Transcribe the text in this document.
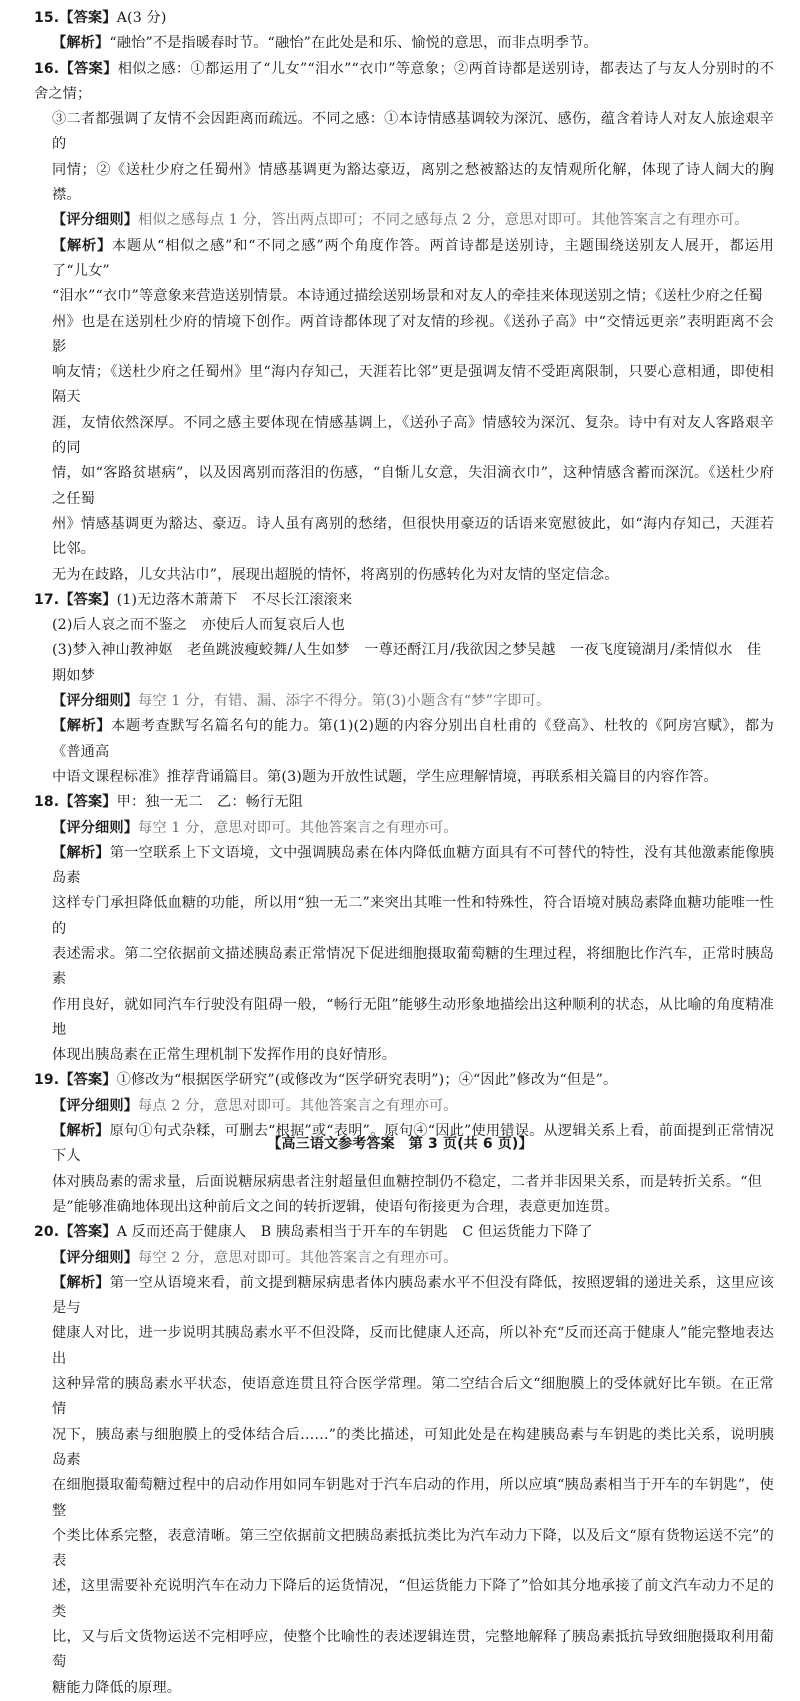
15.【答案】A(3 分)

【解析】“融怡”不是指暖春时节。“融怡”在此处是和乐、愉悦的意思，而非点明季节。

16.【答案】相似之感：①都运用了“儿女”“泪水”“衣巾”等意象；②两首诗都是送别诗，都表达了与友人分别时的不舍之情；

③二者都强调了友情不会因距离而疏远。不同之感：①本诗情感基调较为深沉、感伤，蕴含着诗人对友人旅途艰辛的

同情；②《送杜少府之任蜀州》情感基调更为豁达豪迈，离别之愁被豁达的友情观所化解，体现了诗人阔大的胸襟。

【评分细则】相似之感每点 1 分，答出两点即可；不同之感每点 2 分，意思对即可。其他答案言之有理亦可。

【解析】本题从“相似之感”和“不同之感”两个角度作答。两首诗都是送别诗，主题围绕送别友人展开，都运用了“儿女”

“泪水”“衣巾”等意象来营造送别情景。本诗通过描绘送别场景和对友人的牵挂来体现送别之情；《送杜少府之任蜀

州》也是在送别杜少府的情境下创作。两首诗都体现了对友情的珍视。《送孙子高》中“交情远更亲”表明距离不会影

响友情；《送杜少府之任蜀州》里“海内存知己，天涯若比邻”更是强调友情不受距离限制，只要心意相通，即使相隔天

涯，友情依然深厚。不同之感主要体现在情感基调上，《送孙子高》情感较为深沉、复杂。诗中有对友人客路艰辛的同

情，如“客路贫堪病”，以及因离别而落泪的伤感，“自惭儿女意，失泪滴衣巾”，这种情感含蓄而深沉。《送杜少府之任蜀

州》情感基调更为豁达、豪迈。诗人虽有离别的愁绪，但很快用豪迈的话语来宽慰彼此，如“海内存知己，天涯若比邻。

无为在歧路，儿女共沾巾”，展现出超脱的情怀，将离别的伤感转化为对友情的坚定信念。

17.【答案】(1)无边落木萧萧下　不尽长江滚滚来

(2)后人哀之而不鉴之　亦使后人而复哀后人也

(3)梦入神山教神妪　老鱼跳波瘦蛟舞/人生如梦　一尊还酹江月/我欲因之梦吴越　一夜飞度镜湖月/柔情似水　佳

期如梦

【评分细则】每空 1 分，有错、漏、添字不得分。第(3)小题含有“梦”字即可。

【解析】本题考查默写名篇名句的能力。第(1)(2)题的内容分别出自杜甫的《登高》、杜牧的《阿房宫赋》，都为《普通高

中语文课程标准》推荐背诵篇目。第(3)题为开放性试题，学生应理解情境，再联系相关篇目的内容作答。

18.【答案】甲：独一无二　乙：畅行无阻

【评分细则】每空 1 分，意思对即可。其他答案言之有理亦可。

【解析】第一空联系上下文语境，文中强调胰岛素在体内降低血糖方面具有不可替代的特性，没有其他激素能像胰岛素

这样专门承担降低血糖的功能，所以用“独一无二”来突出其唯一性和特殊性，符合语境对胰岛素降血糖功能唯一性的

表述需求。第二空依据前文描述胰岛素正常情况下促进细胞摄取葡萄糖的生理过程，将细胞比作汽车，正常时胰岛素

作用良好，就如同汽车行驶没有阻碍一般，“畅行无阻”能够生动形象地描绘出这种顺利的状态，从比喻的角度精准地

体现出胰岛素在正常生理机制下发挥作用的良好情形。

19.【答案】①修改为“根据医学研究”(或修改为“医学研究表明”)；④“因此”修改为“但是”。

【评分细则】每点 2 分，意思对即可。其他答案言之有理亦可。

【解析】原句①句式杂糅，可删去“根据”或“表明”。原句④“因此”使用错误。从逻辑关系上看，前面提到正常情况下人

体对胰岛素的需求量，后面说糖尿病患者注射超量但血糖控制仍不稳定，二者并非因果关系，而是转折关系。“但

是”能够准确地体现出这种前后文之间的转折逻辑，使语句衔接更为合理，表意更加连贯。

20.【答案】A 反而还高于健康人　B 胰岛素相当于开车的车钥匙　C 但运货能力下降了

【评分细则】每空 2 分，意思对即可。其他答案言之有理亦可。

【解析】第一空从语境来看，前文提到糖尿病患者体内胰岛素水平不但没有降低，按照逻辑的递进关系，这里应该是与

健康人对比，进一步说明其胰岛素水平不但没降，反而比健康人还高，所以补充“反而还高于健康人”能完整地表达出

这种异常的胰岛素水平状态，使语意连贯且符合医学常理。第二空结合后文“细胞膜上的受体就好比车锁。在正常情

况下，胰岛素与细胞膜上的受体结合后……”的类比描述，可知此处是在构建胰岛素与车钥匙的类比关系，说明胰岛素

在细胞摄取葡萄糖过程中的启动作用如同车钥匙对于汽车启动的作用，所以应填“胰岛素相当于开车的车钥匙”，使整

个类比体系完整，表意清晰。第三空依据前文把胰岛素抵抗类比为汽车动力下降，以及后文“原有货物运送不完”的表

述，这里需要补充说明汽车在动力下降后的运货情况，“但运货能力下降了”恰如其分地承接了前文汽车动力不足的类

比，又与后文货物运送不完相呼应，使整个比喻性的表述逻辑连贯，完整地解释了胰岛素抵抗导致细胞摄取利用葡萄

糖能力降低的原理。

【高三语文参考答案　第 3 页(共 6 页)】
